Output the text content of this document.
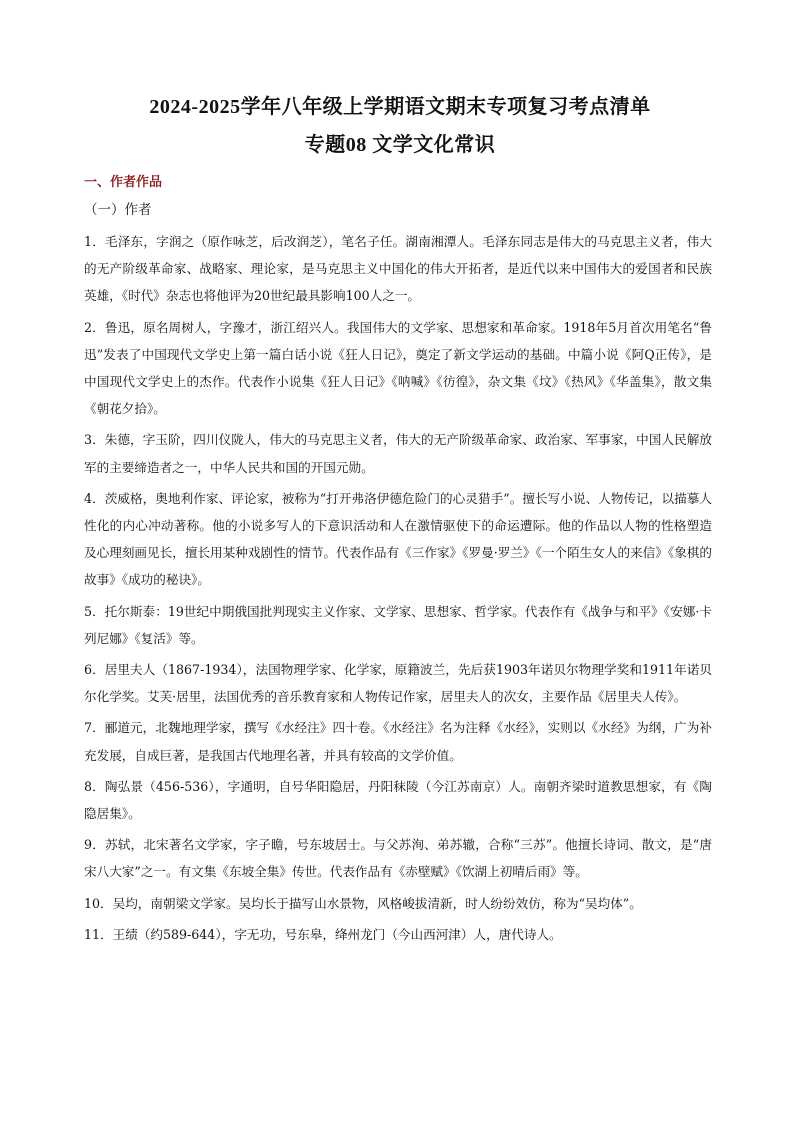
2024-2025学年八年级上学期语文期末专项复习考点清单
专题08 文学文化常识
一、作者作品
（一）作者

1．毛泽东，字润之（原作咏芝，后改润芝），笔名子任。湖南湘潭人。毛泽东同志是伟大的马克思主义者，伟大的无产阶级革命家、战略家、理论家，是马克思主义中国化的伟大开拓者，是近代以来中国伟大的爱国者和民族英雄，《时代》杂志也将他评为20世纪最具影响100人之一。

2．鲁迅，原名周树人，字豫才，浙江绍兴人。我国伟大的文学家、思想家和革命家。1918年5月首次用笔名“鲁迅”发表了中国现代文学史上第一篇白话小说《狂人日记》，奠定了新文学运动的基础。中篇小说《阿Q正传》，是中国现代文学史上的杰作。代表作小说集《狂人日记》《呐喊》《彷徨》，杂文集《坟》《热风》《华盖集》，散文集《朝花夕拾》。

3．朱德，字玉阶，四川仪陇人，伟大的马克思主义者，伟大的无产阶级革命家、政治家、军事家，中国人民解放军的主要缔造者之一，中华人民共和国的开国元勋。

4．茨威格，奥地利作家、评论家，被称为“打开弗洛伊德危险门的心灵猎手”。擅长写小说、人物传记，以描摹人性化的内心冲动著称。他的小说多写人的下意识活动和人在激情驱使下的命运遭际。他的作品以人物的性格塑造及心理刻画见长，擅长用某种戏剧性的情节。代表作品有《三作家》《罗曼·罗兰》《一个陌生女人的来信》《象棋的故事》《成功的秘诀》。

5．托尔斯泰：19世纪中期俄国批判现实主义作家、文学家、思想家、哲学家。代表作有《战争与和平》《安娜·卡列尼娜》《复活》等。

6．居里夫人（1867-1934），法国物理学家、化学家，原籍波兰，先后获1903年诺贝尔物理学奖和1911年诺贝尔化学奖。艾芙·居里，法国优秀的音乐教育家和人物传记作家，居里夫人的次女，主要作品《居里夫人传》。

7．郦道元，北魏地理学家，撰写《水经注》四十卷。《水经注》名为注释《水经》，实则以《水经》为纲，广为补充发展，自成巨著，是我国古代地理名著，并具有较高的文学价值。

8．陶弘景（456-536），字通明，自号华阳隐居，丹阳秣陵（今江苏南京）人。南朝齐梁时道教思想家，有《陶隐居集》。

9．苏轼，北宋著名文学家，字子瞻，号东坡居士。与父苏洵、弟苏辙，合称“三苏”。他擅长诗词、散文，是“唐宋八大家”之一。有文集《东坡全集》传世。代表作品有《赤壁赋》《饮湖上初晴后雨》等。

10．吴均，南朝梁文学家。吴均长于描写山水景物，风格峻拔清新，时人纷纷效仿，称为“吴均体”。

11．王绩（约589-644），字无功，号东皋，绛州龙门（今山西河津）人，唐代诗人。
